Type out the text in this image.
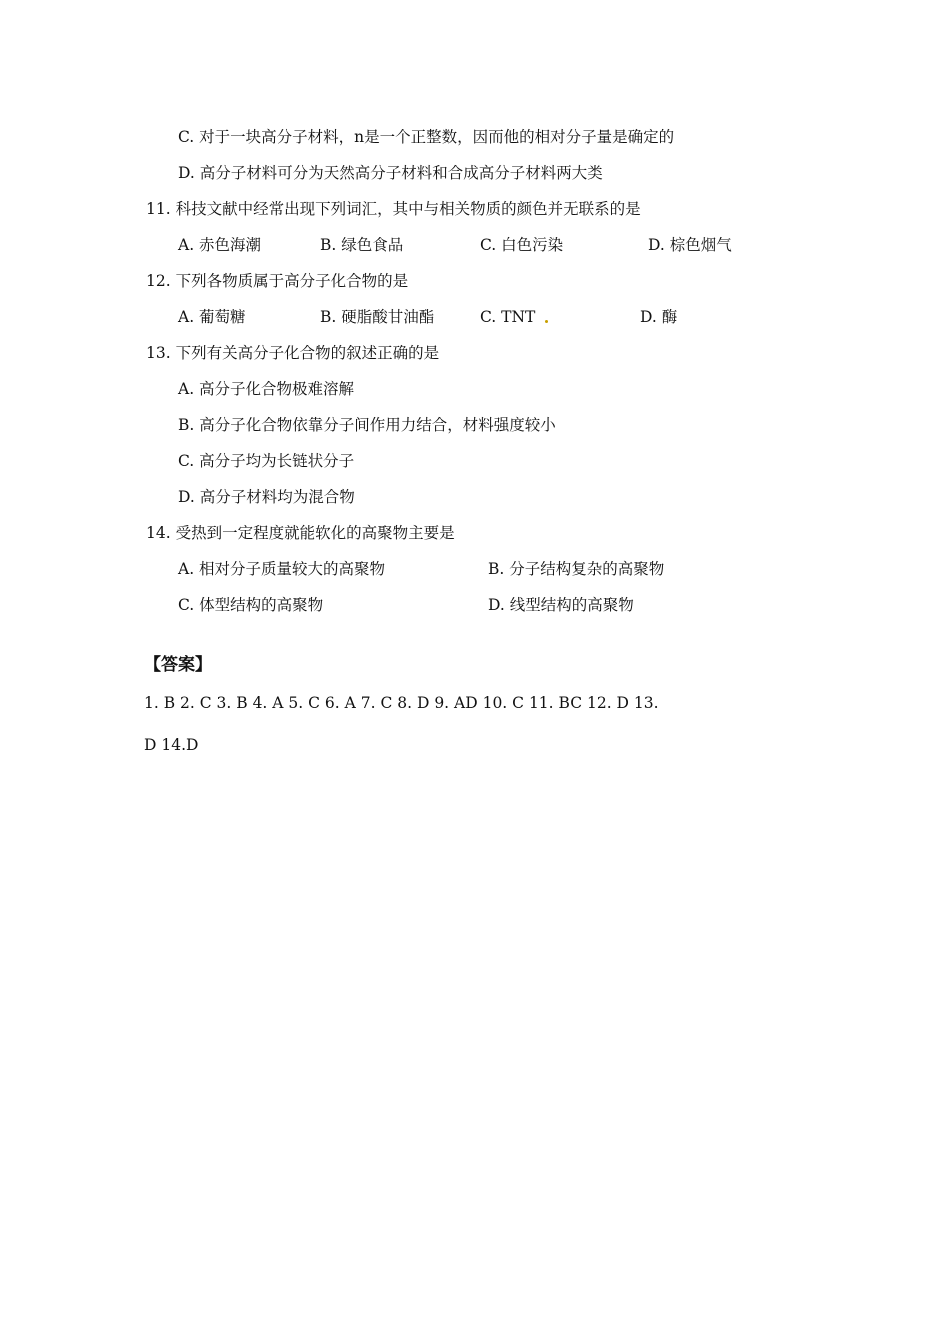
C. 对于一块高分子材料，n是一个正整数，因而他的相对分子量是确定的
D. 高分子材料可分为天然高分子材料和合成高分子材料两大类
11. 科技文献中经常出现下列词汇，其中与相关物质的颜色并无联系的是
A. 赤色海潮	B. 绿色食品	C. 白色污染	D. 棕色烟气
12. 下列各物质属于高分子化合物的是
A. 葡萄糖	B. 硬脂酸甘油酯	C. TNT	D. 酶
13. 下列有关高分子化合物的叙述正确的是
A. 高分子化合物极难溶解
B. 高分子化合物依靠分子间作用力结合，材料强度较小
C. 高分子均为长链状分子
D. 高分子材料均为混合物
14. 受热到一定程度就能软化的高聚物主要是
A. 相对分子质量较大的高聚物	B. 分子结构复杂的高聚物
C. 体型结构的高聚物	D. 线型结构的高聚物
【答案】
1. B 2. C 3. B 4. A 5. C 6. A 7. C 8. D 9. AD 10. C 11. BC 12. D 13.
D 14.D
